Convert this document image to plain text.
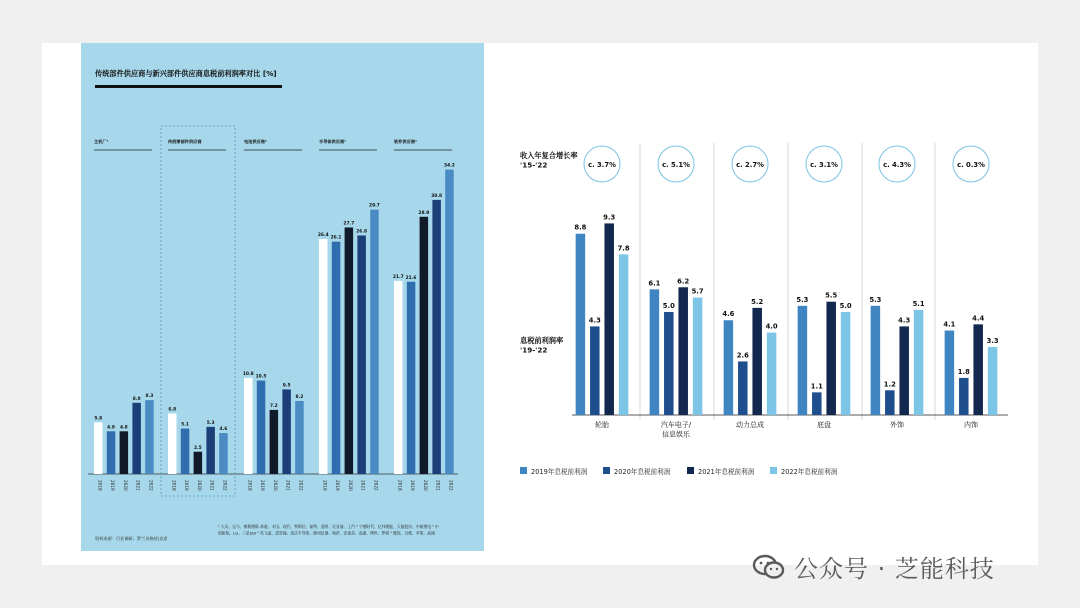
传统部件供应商与新兴部件供应商息税前利润率对比 [%]
主机厂¹
5.8
2018
4.8
2019
4.8
2020
8.0
2021
8.3
2022
传统零部件供应商
6.8
2018
5.1
2019
2.5
2020
5.3
2021
4.6
2022
电池供应商²
10.8
2018
10.5
2019
7.2
2020
9.5
2021
8.2
2022
半导体供应商³
26.4
2018
26.1
2019
27.7
2020
26.8
2021
29.7
2022
软件供应商⁴
21.7
2018
21.6
2019
28.9
2020
30.8
2021
34.2
2022
资料来源：行业调研；罗兰贝格/伯克希
¹ 大众、宝马、梅赛德斯-奔驰、丰田、现代、特斯拉、福特、通用、比亚迪、上汽 ² 宁德时代、亿纬锂能、天能股份、中航锂电 ³ 中创新航、LG、三星SDI ⁴ 英飞凌、恩智浦、意法半导体、德州仪器、瑞萨、安森美、高通、博世、罗姆 ⁵ 微软、谷歌、苹果、高通
收入年复合增长率'15-'22
息税前利润率'19-'22
c. 3.7%
8.8
4.3
9.3
7.8
轮胎
c. 5.1%
6.1
5.0
6.2
5.7
汽车电子/信息娱乐
c. 2.7%
4.6
2.6
5.2
4.0
动力总成
c. 3.1%
5.3
1.1
5.5
5.0
底盘
c. 4.3%
5.3
1.2
4.3
5.1
外饰
c. 0.3%
4.1
1.8
4.4
3.3
内饰
2019年息税前利润	2020年息税前利润	2021年息税前利润	2022年息税前利润
公众号 · 芝能科技
